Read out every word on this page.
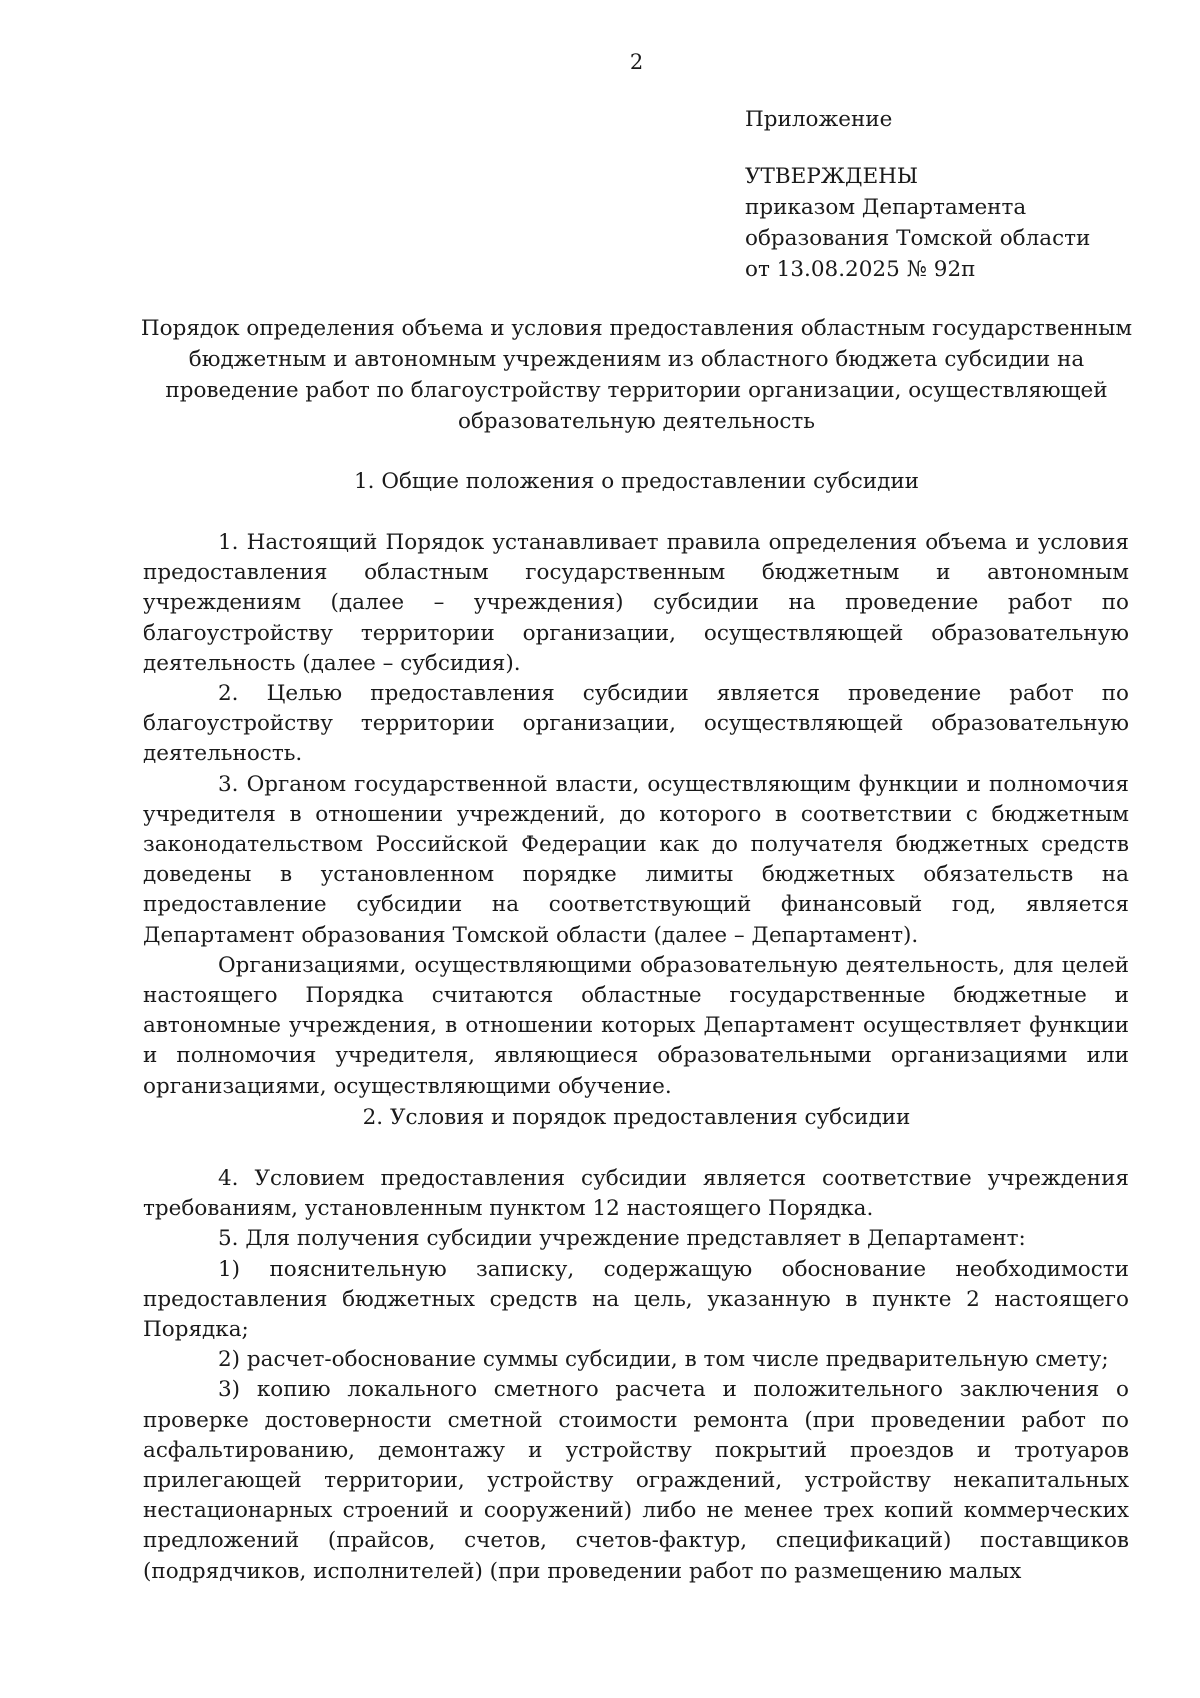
2
Приложение
УТВЕРЖДЕНЫ
приказом Департамента
образования Томской области
от 13.08.2025 № 92п
Порядок определения объема и условия предоставления областным государственным бюджетным и автономным учреждениям из областного бюджета субсидии на проведение работ по благоустройству территории организации, осуществляющей образовательную деятельность
1. Общие положения о предоставлении субсидии

1. Настоящий Порядок устанавливает правила определения объема и условия предоставления областным государственным бюджетным и автономным учреждениям (далее – учреждения) субсидии на проведение работ по благоустройству территории организации, осуществляющей образовательную деятельность (далее – субсидия).

2. Целью предоставления субсидии является проведение работ по благоустройству территории организации, осуществляющей образовательную деятельность.

3. Органом государственной власти, осуществляющим функции и полномочия учредителя в отношении учреждений, до которого в соответствии с бюджетным законодательством Российской Федерации как до получателя бюджетных средств доведены в установленном порядке лимиты бюджетных обязательств на предоставление субсидии на соответствующий финансовый год, является Департамент образования Томской области (далее – Департамент).

Организациями, осуществляющими образовательную деятельность, для целей настоящего Порядка считаются областные государственные бюджетные и автономные учреждения, в отношении которых Департамент осуществляет функции и полномочия учредителя, являющиеся образовательными организациями или организациями, осуществляющими обучение.

2. Условия и порядок предоставления субсидии

4. Условием предоставления субсидии является соответствие учреждения требованиям, установленным пунктом 12 настоящего Порядка.

5. Для получения субсидии учреждение представляет в Департамент:

1) пояснительную записку, содержащую обоснование необходимости предоставления бюджетных средств на цель, указанную в пункте 2 настоящего Порядка;

2) расчет-обоснование суммы субсидии, в том числе предварительную смету;

3) копию локального сметного расчета и положительного заключения о проверке достоверности сметной стоимости ремонта (при проведении работ по асфальтированию, демонтажу и устройству покрытий проездов и тротуаров прилегающей территории, устройству ограждений, устройству некапитальных нестационарных строений и сооружений) либо не менее трех копий коммерческих предложений (прайсов, счетов, счетов-фактур, спецификаций) поставщиков (подрядчиков, исполнителей) (при проведении работ по размещению малых
